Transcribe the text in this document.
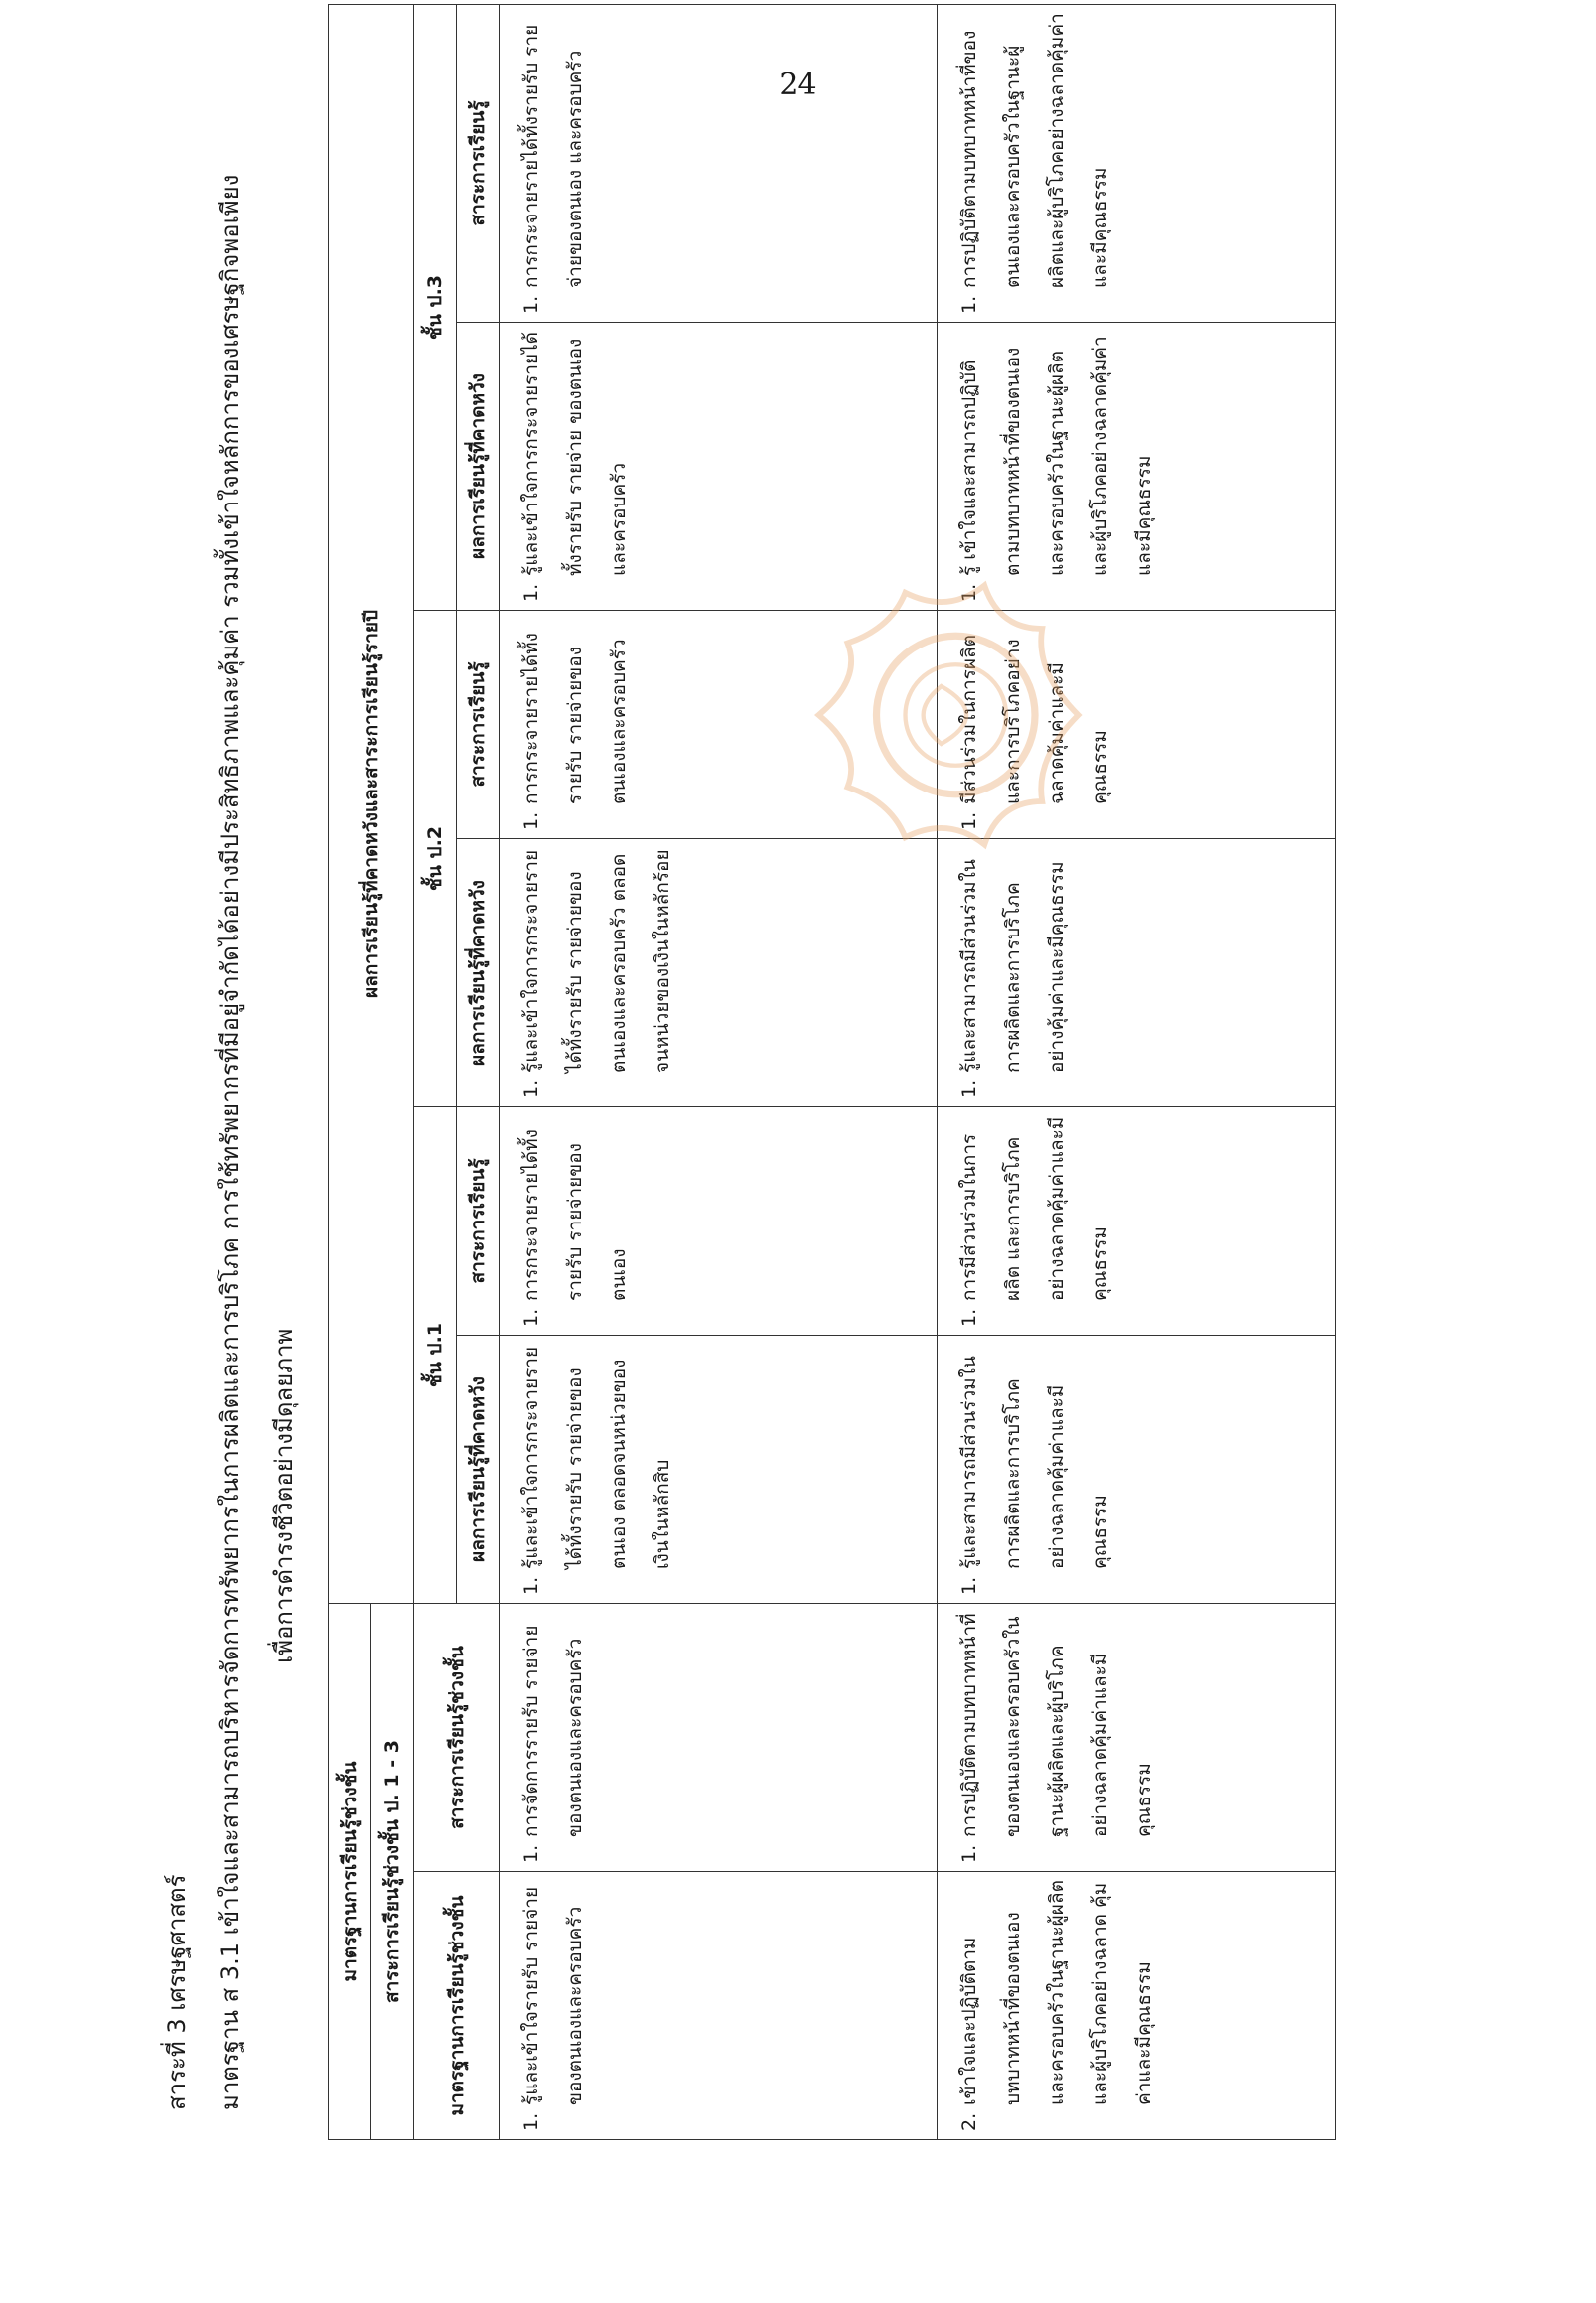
24
สาระที่ 3 เศรษฐศาสตร์ มาตรฐาน ส 3.1 เข้าใจและสามารถบริหารจัดการทรัพยากรในการผลิตและการบริโภค การใช้ทรัพยากรที่มีอยู่จำกัดได้อย่างมีประสิทธิภาพและคุ้มค่า รวมทั้งเข้าใจหลักการของเศรษฐกิจพอเพียง เพื่อการดำรงชีวิตอย่างมีดุลยภาพ
มาตรฐานการเรียนรู้ช่วงชั้น		ผลการเรียนรู้ที่คาดหวังและสาระการเรียนรู้รายปี					
สาระการเรียนรู้ช่วงชั้น ป. 1 - 3							
มาตรฐานการเรียนรู้ช่วงชั้น	สาระการเรียนรู้ช่วงชั้น	ชั้น ป.1		ชั้น ป.2		ชั้น ป.3	
		ผลการเรียนรู้ที่คาดหวัง	สาระการเรียนรู้	ผลการเรียนรู้ที่คาดหวัง	สาระการเรียนรู้	ผลการเรียนรู้ที่คาดหวัง	สาระการเรียนรู้

1.
รู้และเข้าใจรายรับ รายจ่ายของตนเองและครอบครัว	1.
การจัดการรายรับ รายจ่ายของตนเองและครอบครัว	1.
รู้และเข้าใจการกระจายรายได้ทั้งรายรับ รายจ่ายของตนเอง ตลอดจนหน่วยของเงินในหลักสิบ	1.
การกระจายรายได้ทั้งรายรับ รายจ่ายของตนเอง	1.
รู้และเข้าใจการกระจายรายได้ทั้งรายรับ รายจ่ายของตนเองและครอบครัว ตลอดจนหน่วยของเงินในหลักร้อย	1.
การกระจายรายได้ทั้งรายรับ รายจ่ายของตนเองและครอบครัว	1.
รู้และเข้าใจการกระจายรายได้ทั้งรายรับ รายจ่าย ของตนเองและครอบครัว	1.
การกระจายรายได้ทั้งรายรับ รายจ่ายของตนเอง และครอบครัว

2.
เข้าใจและปฏิบัติตามบทบาทหน้าที่ของตนเองและครอบครัวในฐานะผู้ผลิตและผู้บริโภคอย่างฉลาด คุ้มค่าและมีคุณธรรม	1.
การปฏิบัติตามบทบาทหน้าที่ของตนเองและครอบครัวในฐานะผู้ผลิตและผู้บริโภคอย่างฉลาดคุ้มค่าและมีคุณธรรม	1.
รู้และสามารถมีส่วนร่วมในการผลิตและการบริโภคอย่างฉลาดคุ้มค่าและมีคุณธรรม	1.
การมีส่วนร่วมในการผลิต และการบริโภคอย่างฉลาดคุ้มค่าและมีคุณธรรม	1.
รู้และสามารถมีส่วนร่วมในการผลิตและการบริโภค อย่างคุ้มค่าและมีคุณธรรม	1.
มีส่วนร่วมในการผลิตและการบริโภคอย่างฉลาดคุ้มค่าและมีคุณธรรม	1.
รู้ เข้าใจและสามารถปฏิบัติตามบทบาทหน้าที่ของตนเองและครอบครัวในฐานะผู้ผลิตและผู้บริโภคอย่างฉลาดคุ้มค่าและมีคุณธรรม	1.
การปฏิบัติตามบทบาทหน้าที่ของตนเองและครอบครัวในฐานะผู้ผลิตและผู้บริโภคอย่างฉลาดคุ้มค่าและมีคุณธรรม
